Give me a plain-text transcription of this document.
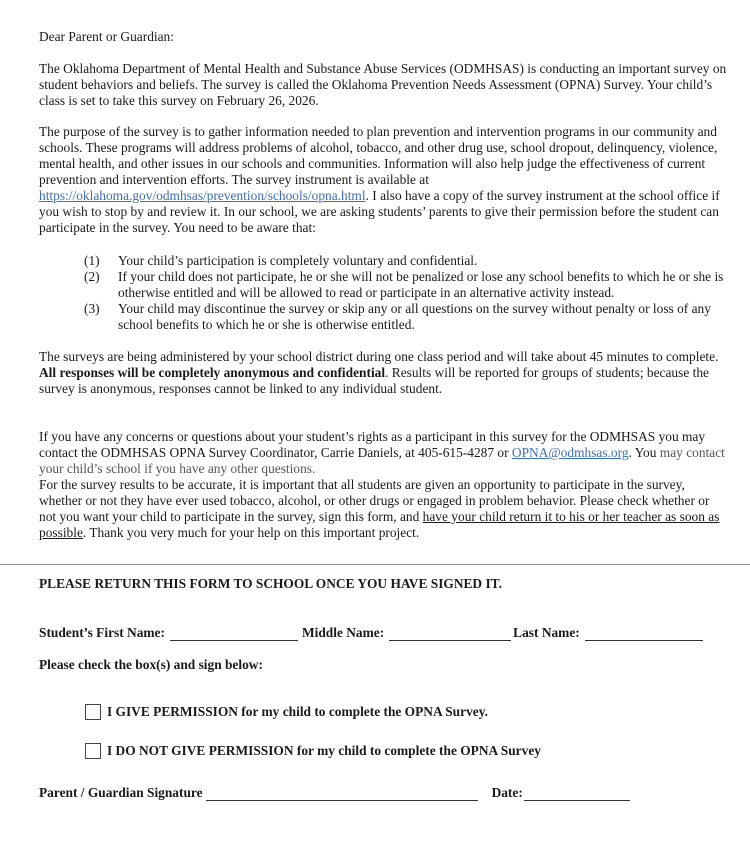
Dear Parent or Guardian:
The Oklahoma Department of Mental Health and Substance Abuse Services (ODMHSAS) is conducting an important survey on student behaviors and beliefs. The survey is called the Oklahoma Prevention Needs Assessment (OPNA) Survey. Your child’s class is set to take this survey on February 26, 2026.
The purpose of the survey is to gather information needed to plan prevention and intervention programs in our community and schools. These programs will address problems of alcohol, tobacco, and other drug use, school dropout, delinquency, violence, mental health, and other issues in our schools and communities. Information will also help judge the effectiveness of current prevention and intervention efforts. The survey instrument is available at https://oklahoma.gov/odmhsas/prevention/schools/opna.html. I also have a copy of the survey instrument at the school office if you wish to stop by and review it. In our school, we are asking students’ parents to give their permission before the student can participate in the survey. You need to be aware that:
(1)	Your child’s participation is completely voluntary and confidential.
(2)	If your child does not participate, he or she will not be penalized or lose any school benefits to which he or she is otherwise entitled and will be allowed to read or participate in an alternative activity instead.
(3)	Your child may discontinue the survey or skip any or all questions on the survey without penalty or loss of any school benefits to which he or she is otherwise entitled.
The surveys are being administered by your school district during one class period and will take about 45 minutes to complete. All responses will be completely anonymous and confidential. Results will be reported for groups of students; because the survey is anonymous, responses cannot be linked to any individual student.
If you have any concerns or questions about your student’s rights as a participant in this survey for the ODMHSAS you may contact the ODMHSAS OPNA Survey Coordinator, Carrie Daniels, at 405-615-4287 or OPNA@odmhsas.org. You may contact your child’s school if you have any other questions.
For the survey results to be accurate, it is important that all students are given an opportunity to participate in the survey, whether or not they have ever used tobacco, alcohol, or other drugs or engaged in problem behavior. Please check whether or not you want your child to participate in the survey, sign this form, and have your child return it to his or her teacher as soon as possible. Thank you very much for your help on this important project.
PLEASE RETURN THIS FORM TO SCHOOL ONCE YOU HAVE SIGNED IT.
Student’s First Name:	Middle Name:	Last Name:
Please check the box(s) and sign below:
I GIVE PERMISSION for my child to complete the OPNA Survey.
I DO NOT GIVE PERMISSION for my child to complete the OPNA Survey
Parent / Guardian Signature	Date:
